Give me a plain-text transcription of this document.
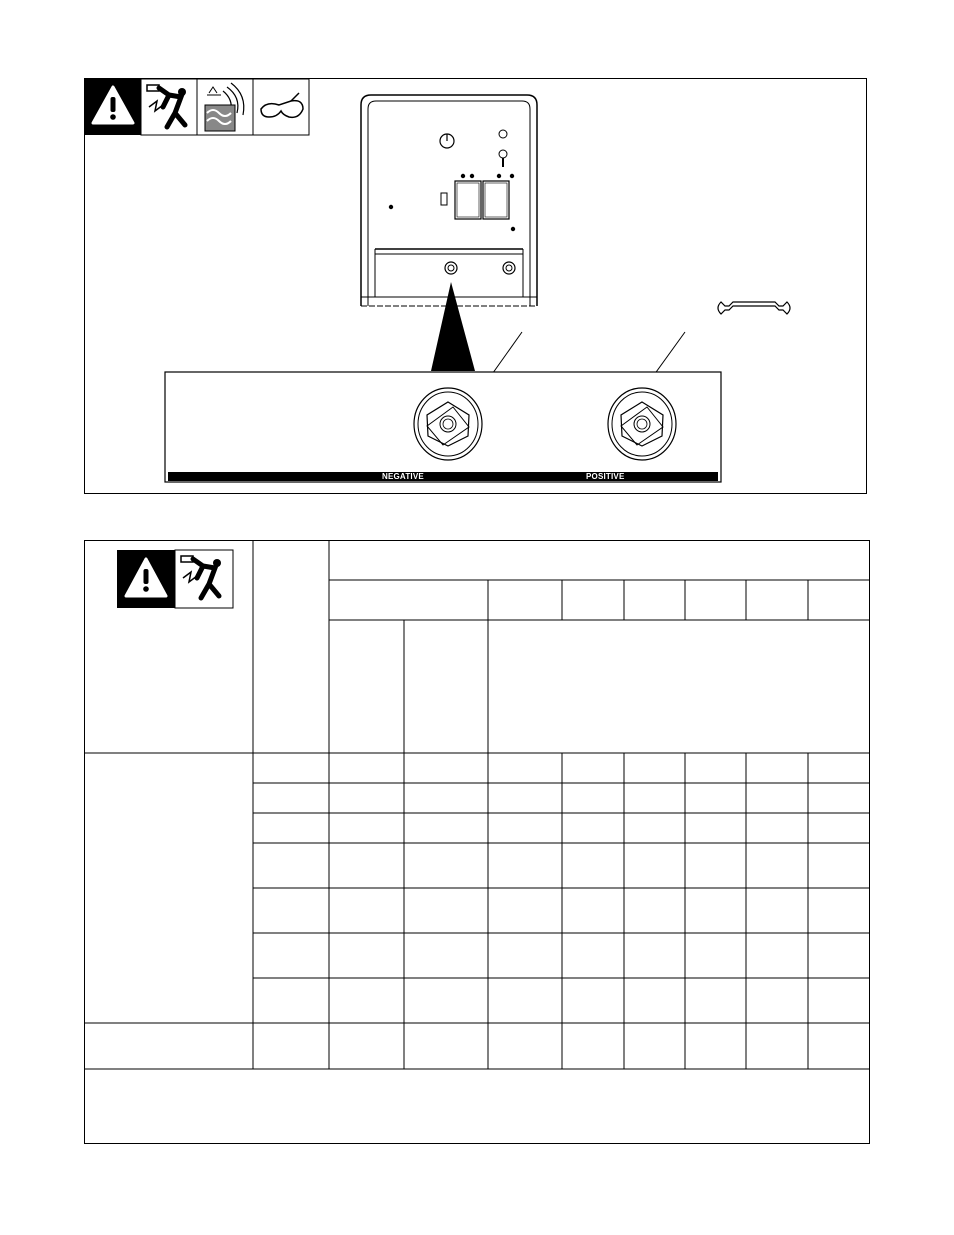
NEGATIVE	POSITIVE
